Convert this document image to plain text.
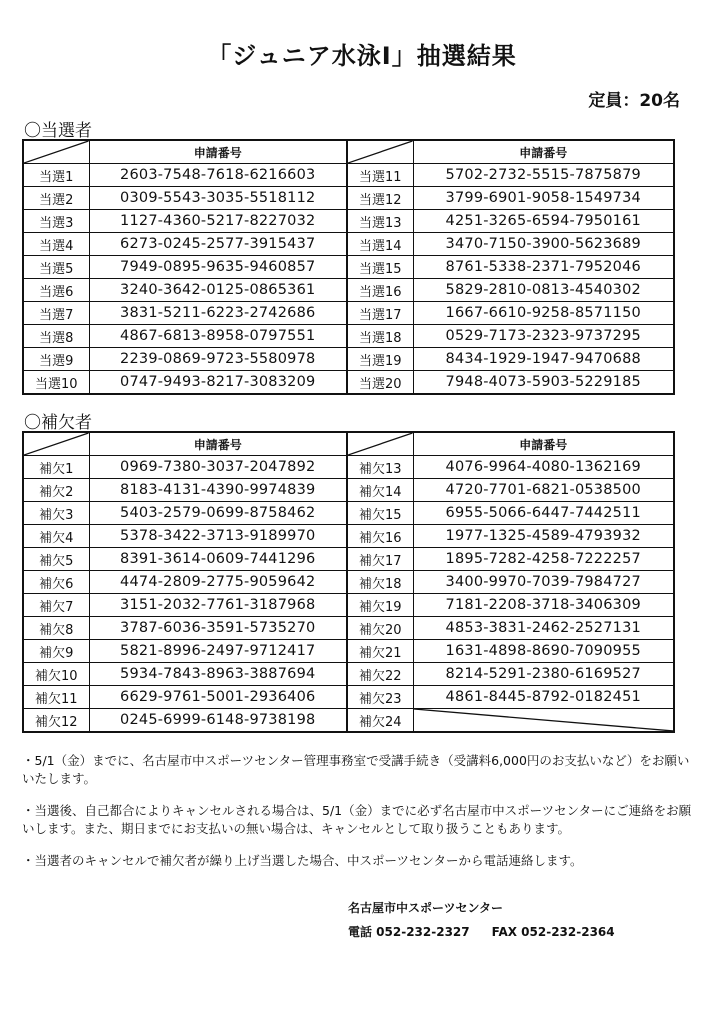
「ジュニア水泳Ⅰ」抽選結果
定員：20名
〇当選者
	申請番号		申請番号
当選1	2603-7548-7618-6216603	当選11	5702-2732-5515-7875879
当選2	0309-5543-3035-5518112	当選12	3799-6901-9058-1549734
当選3	1127-4360-5217-8227032	当選13	4251-3265-6594-7950161
当選4	6273-0245-2577-3915437	当選14	3470-7150-3900-5623689
当選5	7949-0895-9635-9460857	当選15	8761-5338-2371-7952046
当選6	3240-3642-0125-0865361	当選16	5829-2810-0813-4540302
当選7	3831-5211-6223-2742686	当選17	1667-6610-9258-8571150
当選8	4867-6813-8958-0797551	当選18	0529-7173-2323-9737295
当選9	2239-0869-9723-5580978	当選19	8434-1929-1947-9470688
当選10	0747-9493-8217-3083209	当選20	7948-4073-5903-5229185
〇補欠者
	申請番号		申請番号
補欠1	0969-7380-3037-2047892	補欠13	4076-9964-4080-1362169
補欠2	8183-4131-4390-9974839	補欠14	4720-7701-6821-0538500
補欠3	5403-2579-0699-8758462	補欠15	6955-5066-6447-7442511
補欠4	5378-3422-3713-9189970	補欠16	1977-1325-4589-4793932
補欠5	8391-3614-0609-7441296	補欠17	1895-7282-4258-7222257
補欠6	4474-2809-2775-9059642	補欠18	3400-9970-7039-7984727
補欠7	3151-2032-7761-3187968	補欠19	7181-2208-3718-3406309
補欠8	3787-6036-3591-5735270	補欠20	4853-3831-2462-2527131
補欠9	5821-8996-2497-9712417	補欠21	1631-4898-8690-7090955
補欠10	5934-7843-8963-3887694	補欠22	8214-5291-2380-6169527
補欠11	6629-9761-5001-2936406	補欠23	4861-8445-8792-0182451
補欠12	0245-6999-6148-9738198	補欠24	

・5/1（金）までに、名古屋市中スポーツセンター管理事務室で受講手続き（受講料6,000円のお支払いなど）をお願いいたします。

・当選後、自己都合によりキャンセルされる場合は、5/1（金）までに必ず名古屋市中スポーツセンターにご連絡をお願いします。また、期日までにお支払いの無い場合は、キャンセルとして取り扱うこともあります。

・当選者のキャンセルで補欠者が繰り上げ当選した場合、中スポーツセンターから電話連絡します。

名古屋市中スポーツセンター
電話 052-232-2327 FAX 052-232-2364
